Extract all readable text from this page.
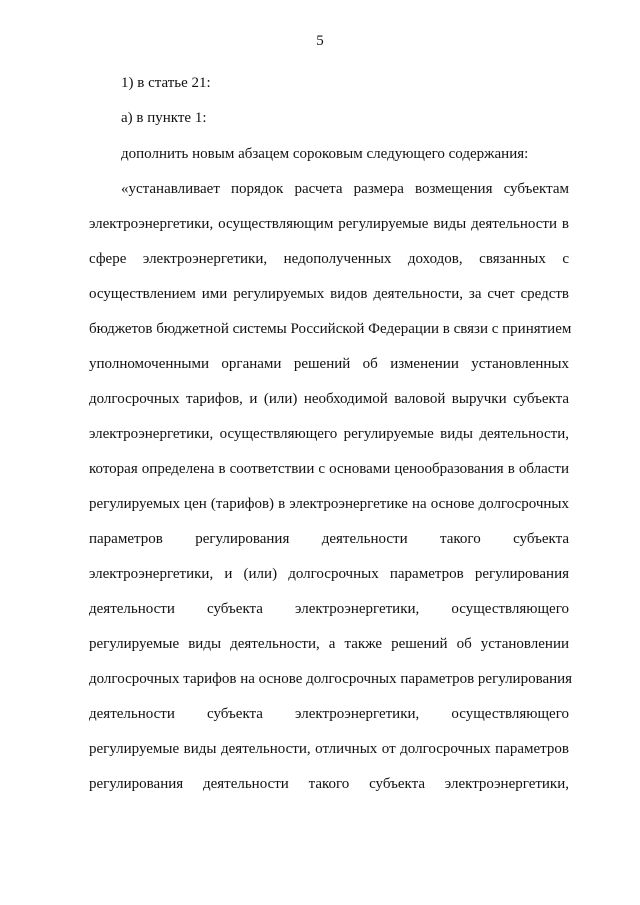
5
1) в статье 21:
а) в пункте 1:
дополнить новым абзацем сороковым следующего содержания:
«устанавливает порядок расчета размера возмещения субъектам
электроэнергетики, осуществляющим регулируемые виды деятельности в
сфере электроэнергетики, недополученных доходов, связанных с
осуществлением ими регулируемых видов деятельности, за счет средств
бюджетов бюджетной системы Российской Федерации в связи с принятием
уполномоченными органами решений об изменении установленных
долгосрочных тарифов, и (или) необходимой валовой выручки субъекта
электроэнергетики, осуществляющего регулируемые виды деятельности,
которая определена в соответствии с основами ценообразования в области
регулируемых цен (тарифов) в электроэнергетике на основе долгосрочных
параметров регулирования деятельности такого субъекта
электроэнергетики, и (или) долгосрочных параметров регулирования
деятельности субъекта электроэнергетики, осуществляющего
регулируемые виды деятельности, а также решений об установлении
долгосрочных тарифов на основе долгосрочных параметров регулирования
деятельности субъекта электроэнергетики, осуществляющего
регулируемые виды деятельности, отличных от долгосрочных параметров
регулирования деятельности такого субъекта электроэнергетики,
